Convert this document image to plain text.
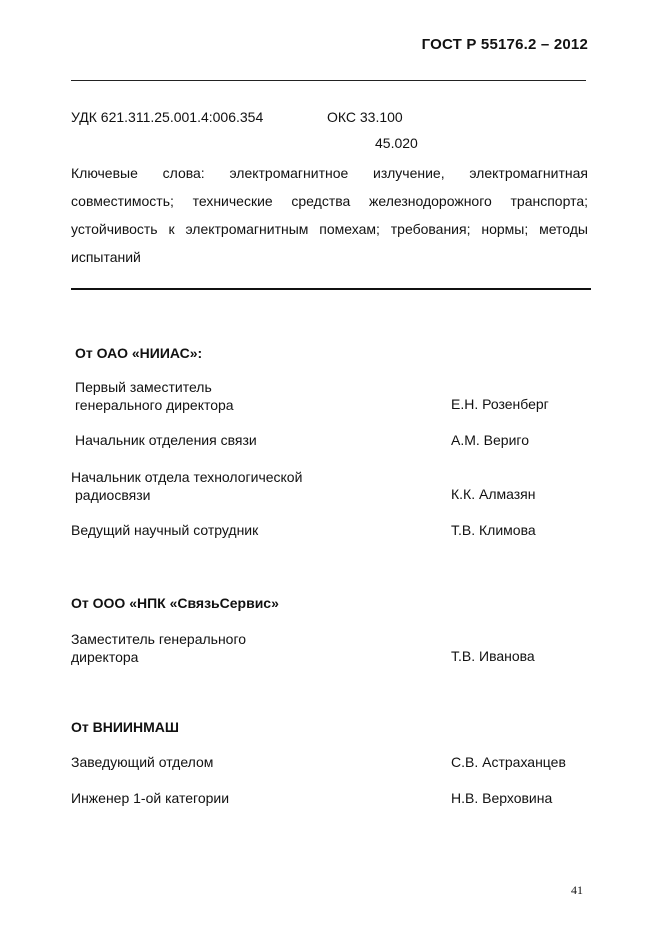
ГОСТ Р 55176.2 – 2012
УДК 621.311.25.001.4:006.354	ОКС 33.100
45.020
Ключевые слова: электромагнитное излучение, электромагнитная совместимость; технические средства железнодорожного транспорта; устойчивость к электромагнитным помехам; требования; нормы; методы испытаний
От ОАО «НИИАС»:
Первый заместитель
генерального директора	Е.Н. Розенберг
Начальник отделения связи	А.М. Вериго
Начальник отдела технологической
радиосвязи	К.К. Алмазян
Ведущий научный сотрудник	Т.В. Климова
От ООО «НПК «СвязьСервис»
Заместитель генерального
директора	Т.В. Иванова
От ВНИИНМАШ
Заведующий отделом	С.В. Астраханцев
Инженер 1-ой категории	Н.В. Верховина
41
